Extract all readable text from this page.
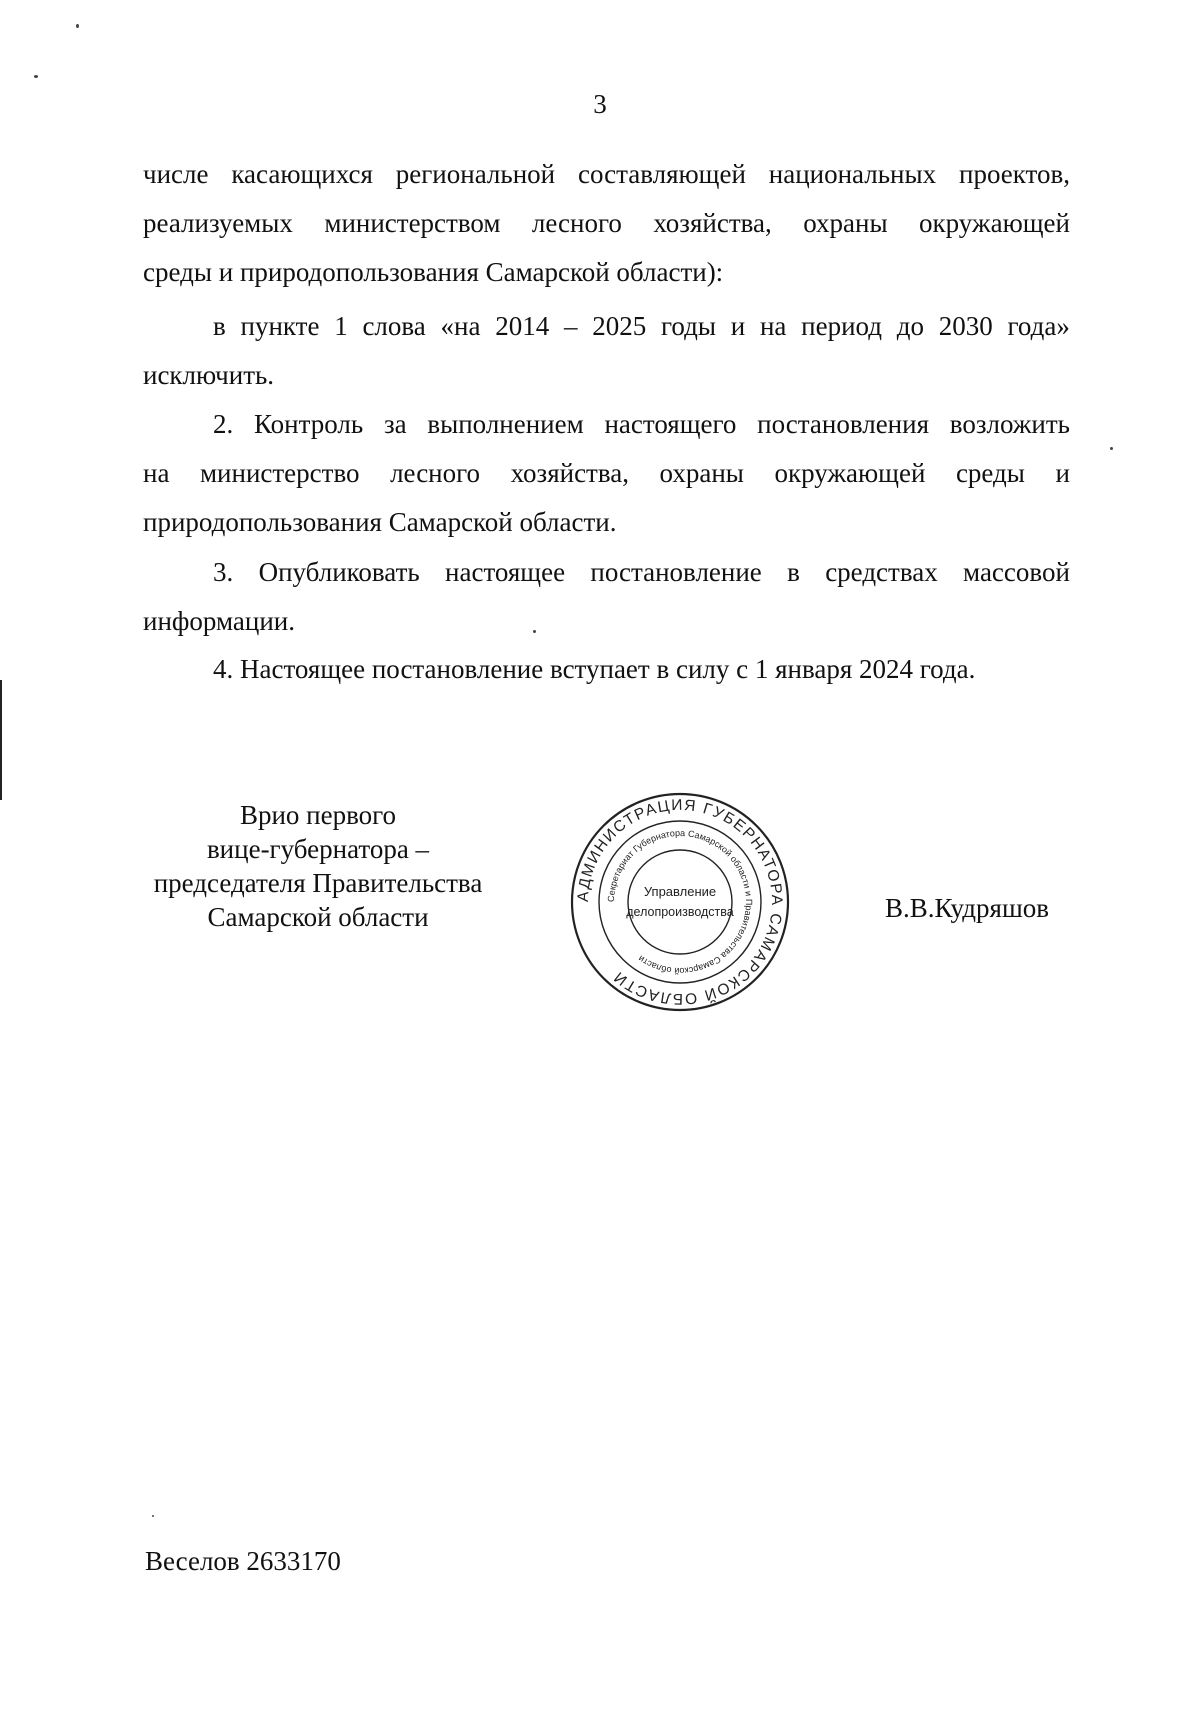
3
числе касающихся региональной составляющей национальных проектов,
реализуемых министерством лесного хозяйства, охраны окружающей
среды и природопользования Самарской области):
в пункте 1 слова «на 2014 – 2025 годы и на период до 2030 года»
исключить.
2. Контроль за выполнением настоящего постановления возложить
на министерство лесного хозяйства, охраны окружающей среды и
природопользования Самарской области.
3. Опубликовать настоящее постановление в средствах массовой
информации.
4. Настоящее постановление вступает в силу с 1 января 2024 года.
Врио первого
вице-губернатора –
председателя Правительства
Самарской области
АДМИНИСТРАЦИЯ ГУБЕРНАТОРА САМАРСКОЙ ОБЛАСТИ
Секретариат Губернатора Самарской области и Правительства Самарской области
Управление
делопроизводства	В.В.Кудряшов
Веселов 2633170
